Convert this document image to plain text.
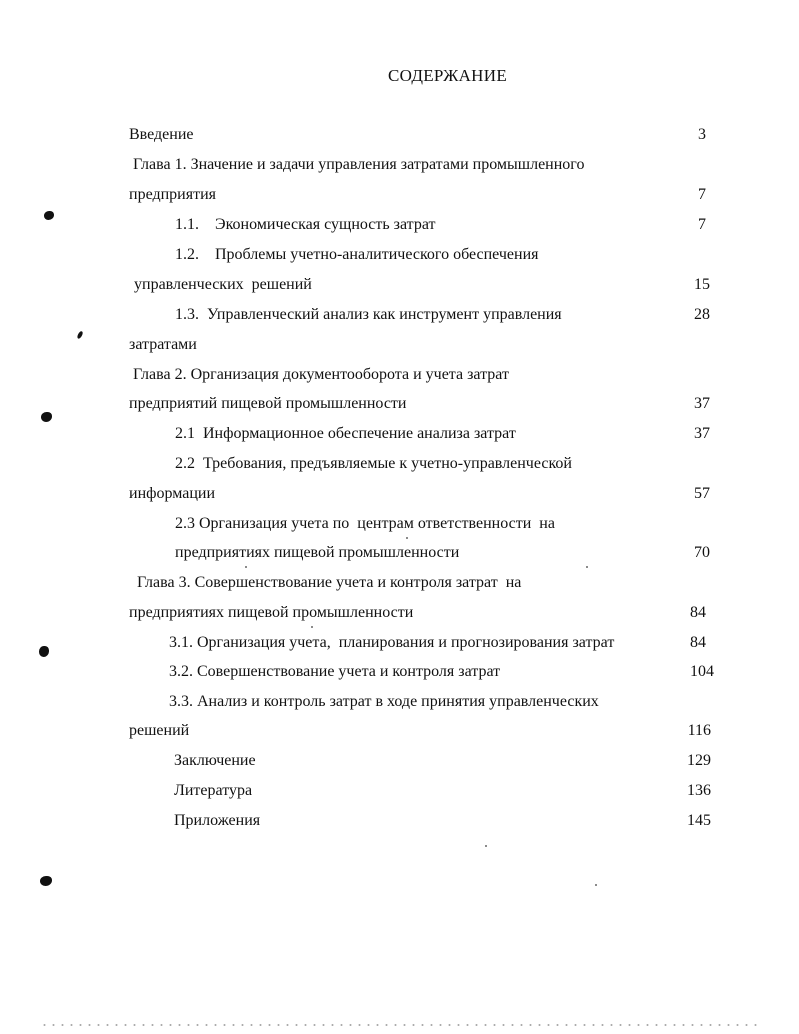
СОДЕРЖАНИЕ
Введение	3
Глава 1. Значение и задачи управления затратами промышленного
предприятия	7
1.1.    Экономическая сущность затрат	7
1.2.    Проблемы учетно-аналитического обеспечения
управленческих  решений	15
1.3.  Управленческий анализ как инструмент управления	28
затратами
Глава 2. Организация документооборота и учета затрат
предприятий пищевой промышленности	37
2.1  Информационное обеспечение анализа затрат	37
2.2  Требования, предъявляемые к учетно-управленческой
информации	57
2.3 Организация учета по  центрам ответственности  на
предприятиях пищевой промышленности	70
Глава 3. Совершенствование учета и контроля затрат  на
предприятиях пищевой промышленности	84
3.1. Организация учета,  планирования и прогнозирования затрат	84
3.2. Совершенствование учета и контроля затрат	104
3.3. Анализ и контроль затрат в ходе принятия управленческих
решений	116
Заключение	129
Литература	136
Приложения	145
